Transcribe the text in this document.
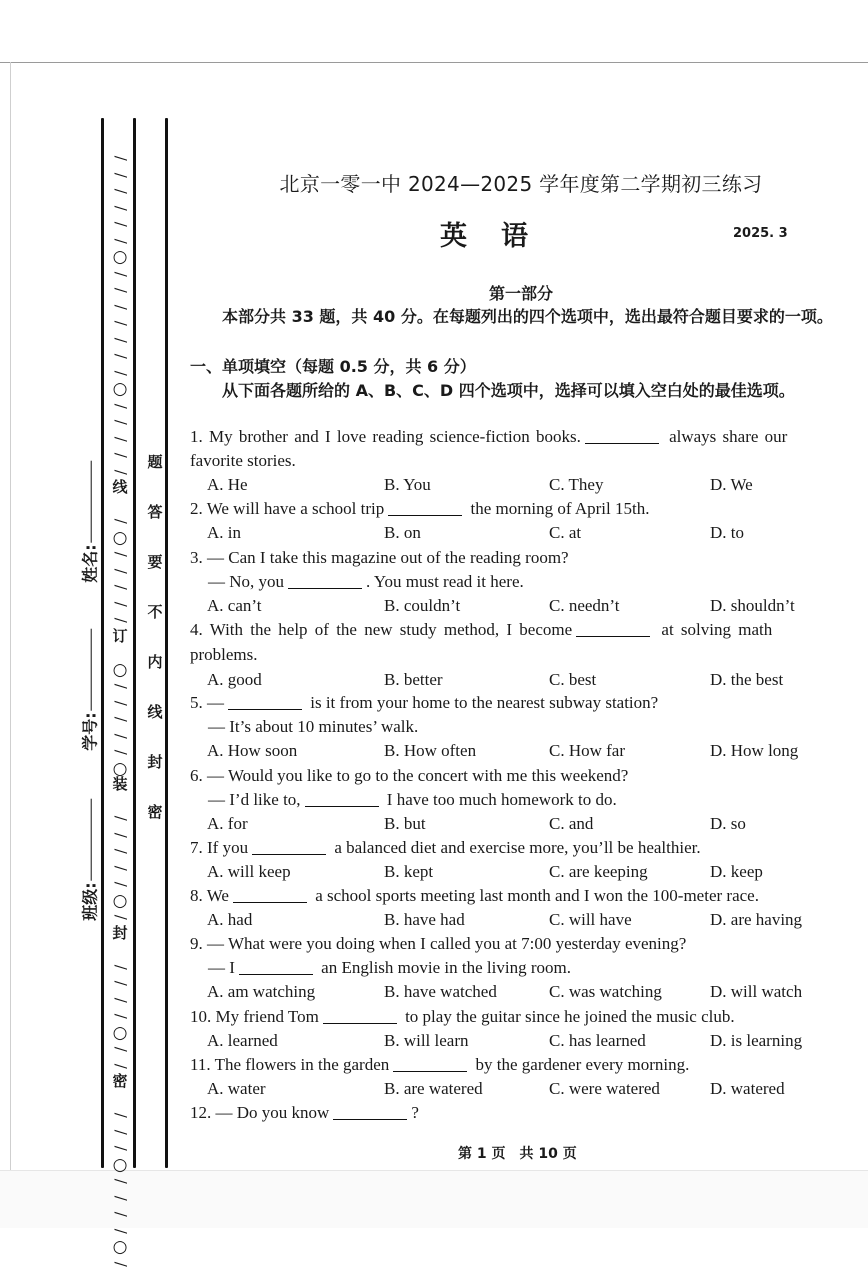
/
/
/
/
/
/
○
/
/
/
/
/
/
/
○
/
/
/
/
/
线
/
○
/
/
/
/
/
订
○
/
/
/
/
/
○
装
/
/
/
/
/
○
/
封
/
/
/
/
○
/
/
密
/
/
/
○
/
/
/
/
○
/
班级:
学号:
姓名:
题
答
要
不
内
线
封
密
北京一零一中 2024—2025 学年度第二学期初三练习
英语	2025. 3
第一部分
本部分共 33 题，共 40 分。在每题列出的四个选项中，选出最符合题目要求的一项。
一、单项填空（每题 0.5 分，共 6 分）
从下面各题所给的 A、B、C、D 四个选项中，选择可以填入空白处的最佳选项。
1. My brother and I love reading science-fiction books.	always share our
favorite stories.
A. He	B. You	C. They	D. We
2. We will have a school trip	the morning of April 15th.
A. in	B. on	C. at	D. to
3. — Can I take this magazine out of the reading room?
— No, you	. You must read it here.
A. can’t	B. couldn’t	C. needn’t	D. shouldn’t
4. With the help of the new study method, I become	at solving math
problems.
A. good	B. better	C. best	D. the best
5. —	is it from your home to the nearest subway station?
— It’s about 10 minutes’ walk.
A. How soon	B. How often	C. How far	D. How long
6. — Would you like to go to the concert with me this weekend?
— I’d like to,	I have too much homework to do.
A. for	B. but	C. and	D. so
7. If you	a balanced diet and exercise more, you’ll be healthier.
A. will keep	B. kept	C. are keeping	D. keep
8. We	a school sports meeting last month and I won the 100-meter race.
A. had	B. have had	C. will have	D. are having
9. — What were you doing when I called you at 7:00 yesterday evening?
— I	an English movie in the living room.
A. am watching	B. have watched	C. was watching	D. will watch
10. My friend Tom	to play the guitar since he joined the music club.
A. learned	B. will learn	C. has learned	D. is learning
11. The flowers in the garden	by the gardener every morning.
A. water	B. are watered	C. were watered	D. watered
12. — Do you know	?
第 1 页　共 10 页
